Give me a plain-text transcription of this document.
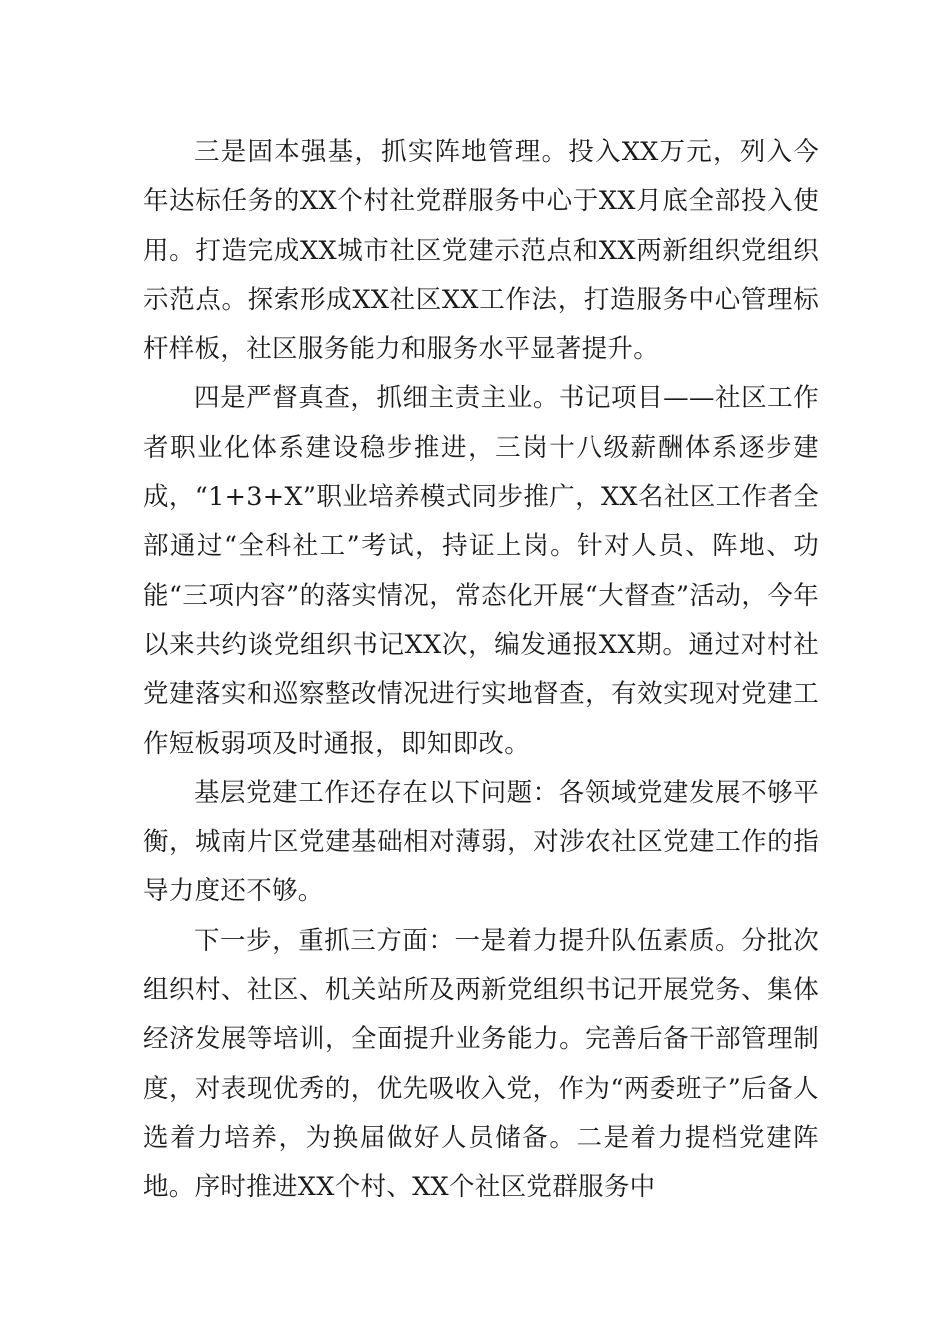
三是固本强基，抓实阵地管理。投入XX万元，列入今年达标任务的XX个村社党群服务中心于XX月底全部投入使用。打造完成XX城市社区党建示范点和XX两新组织党组织示范点。探索形成XX社区XX工作法，打造服务中心管理标杆样板，社区服务能力和服务水平显著提升。

四是严督真查，抓细主责主业。书记项目——社区工作者职业化体系建设稳步推进，三岗十八级薪酬体系逐步建成，“1+3+X”职业培养模式同步推广，XX名社区工作者全部通过“全科社工”考试，持证上岗。针对人员、阵地、功能“三项内容”的落实情况，常态化开展“大督查”活动，今年以来共约谈党组织书记XX次，编发通报XX期。通过对村社党建落实和巡察整改情况进行实地督查，有效实现对党建工作短板弱项及时通报，即知即改。

基层党建工作还存在以下问题：各领域党建发展不够平衡，城南片区党建基础相对薄弱，对涉农社区党建工作的指导力度还不够。

下一步，重抓三方面：一是着力提升队伍素质。分批次组织村、社区、机关站所及两新党组织书记开展党务、集体经济发展等培训，全面提升业务能力。完善后备干部管理制度，对表现优秀的，优先吸收入党，作为“两委班子”后备人选着力培养，为换届做好人员储备。二是着力提档党建阵地。序时推进XX个村、XX个社区党群服务中
